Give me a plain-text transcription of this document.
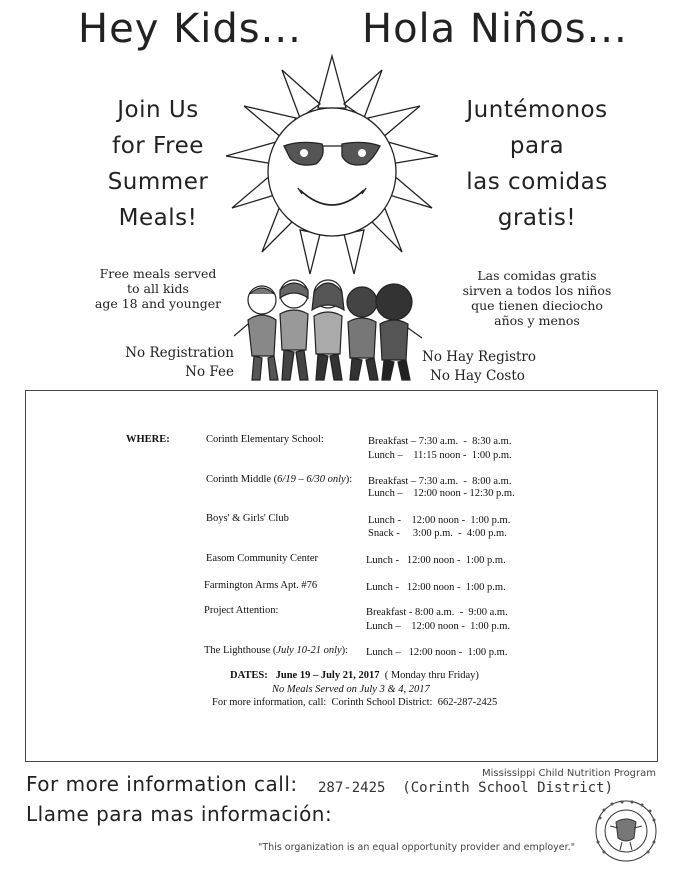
Hey Kids... Hola Niños...
Join Us
for Free
Summer
Meals!
Free meals served
to all kids
age 18 and younger
No Registration
No Fee
Juntémonos
para
las comidas
gratis!
Las comidas gratis
sirven a todos los niños
que tienen dieciocho
años y menos
No Hay Registro
No Hay Costo
WHERE:	Corinth Elementary School:	Breakfast – 7:30 a.m.  -  8:30 a.m.
Lunch –    11:15 noon -  1:00 p.m.
Corinth Middle (6/19 – 6/30 only): Breakfast – 7:30 a.m.  -  8:00 a.m.
Lunch –    12:00 noon - 12:30 p.m.
Boys' & Girls' Club	Lunch -    12:00 noon -  1:00 p.m.
Snack -     3:00 p.m.  -  4:00 p.m.
Easom Community Center	Lunch -   12:00 noon -  1:00 p.m.
Farmington Arms Apt. #76	Lunch -   12:00 noon -  1:00 p.m.
Project Attention:	Breakfast - 8:00 a.m.  -  9:00 a.m.
Lunch –    12:00 noon -  1:00 p.m.
The Lighthouse (July 10-21 only): Lunch –   12:00 noon -  1:00 p.m.
DATES: June 19 – July 21, 2017 ( Monday thru Friday)
No Meals Served on July 3 & 4, 2017
For more information, call:  Corinth School District:  662-287-2425
Mississippi Child Nutrition Program
For more information call: 287-2425  (Corinth School District)
Llame para mas información:
"This organization is an equal opportunity provider and employer."
